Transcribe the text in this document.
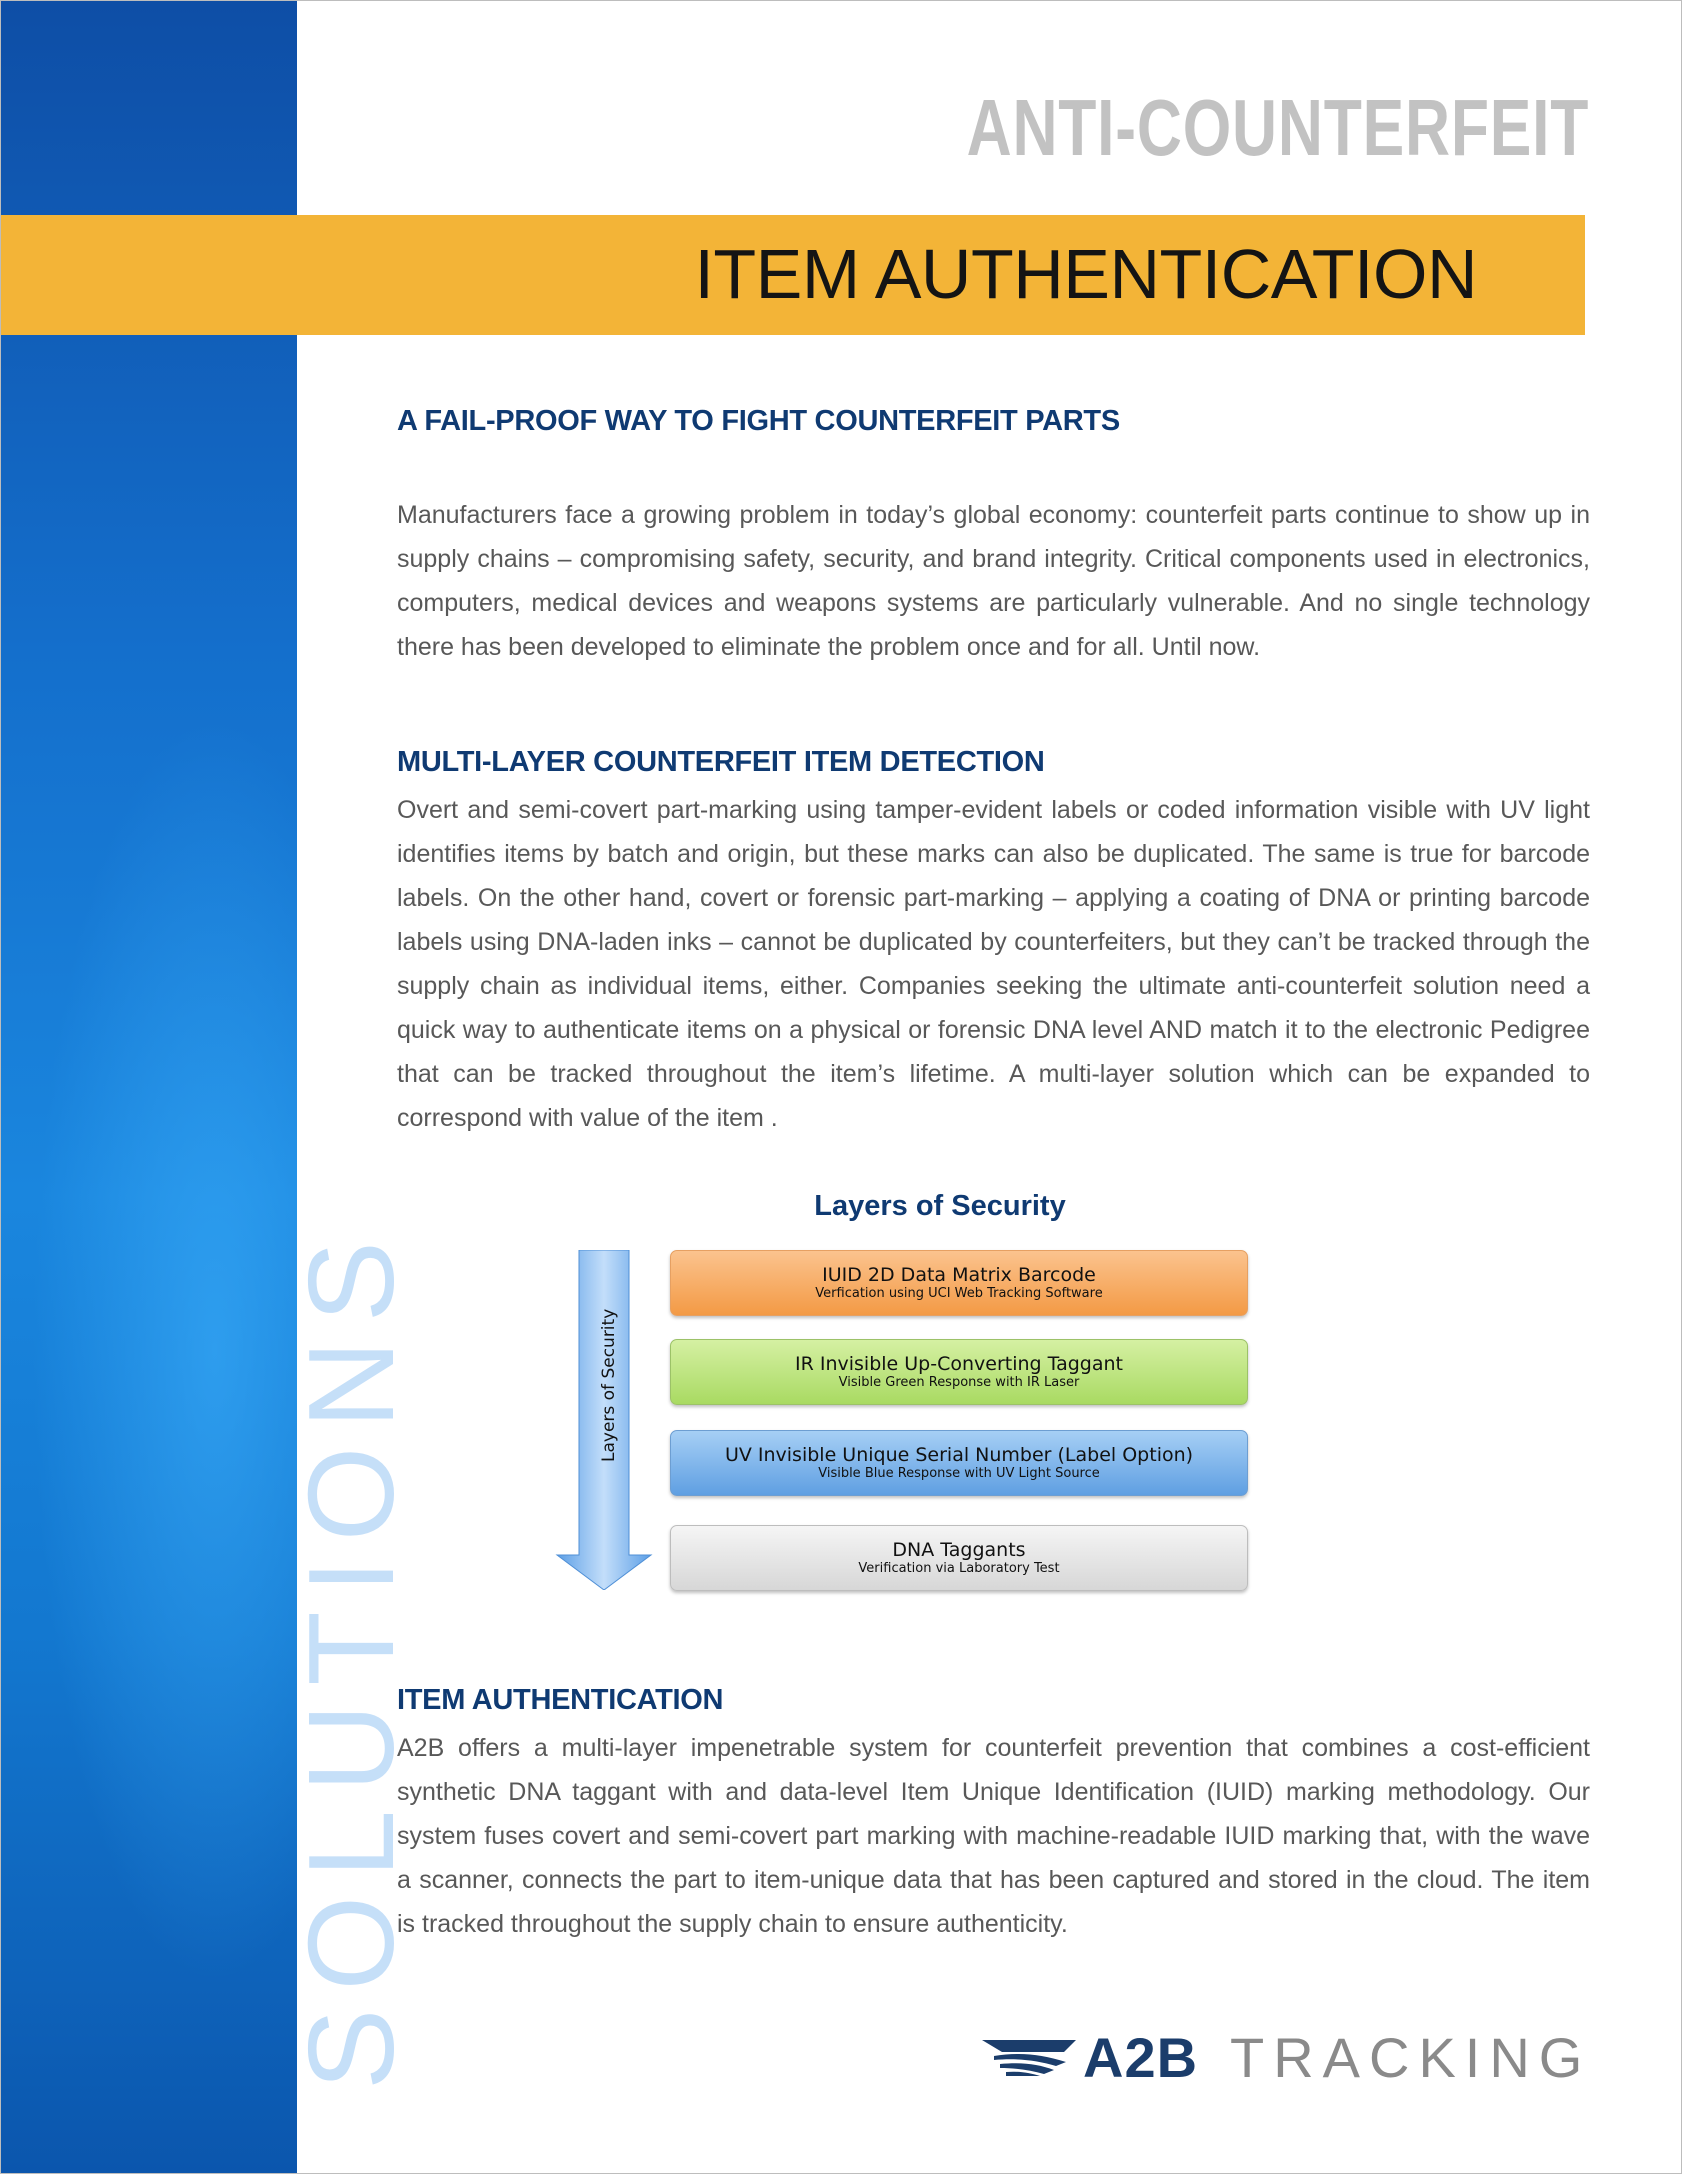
SOLUTIONS
ANTI-COUNTERFEIT
ITEM AUTHENTICATION
A FAIL-PROOF WAY TO FIGHT COUNTERFEIT PARTS

Manufacturers face a growing problem in today’s global economy: counterfeit parts continue to show up in supply chains – compromising safety, security, and brand integrity. Critical components used in electronics, computers, medical devices and weapons systems are particularly vulnerable. And no single technology there has been developed to eliminate the problem once and for all. Until now.

MULTI-LAYER COUNTERFEIT ITEM DETECTION

Overt and semi-covert part-marking using tamper-evident labels or coded information visible with UV light identifies items by batch and origin, but these marks can also be duplicated. The same is true for barcode labels. On the other hand, covert or forensic part-marking – applying a coating of DNA or printing barcode labels using DNA-laden inks – cannot be duplicated by counterfeiters, but they can’t be tracked through the supply chain as individual items, either. Companies seeking the ultimate anti-counterfeit solution need a quick way to authenticate items on a physical or forensic DNA level AND match it to the electronic Pedigree that can be tracked throughout the item’s lifetime. A multi-layer solution which can be expanded to correspond with value of the item .

Layers of Security
Layers of Security
IUID 2D Data Matrix Barcode
Verfication using UCI Web Tracking Software
IR Invisible Up-Converting Taggant
Visible Green Response with IR Laser
UV Invisible Unique Serial Number (Label Option)
Visible Blue Response with UV Light Source
DNA Taggants
Verification via Laboratory Test
ITEM AUTHENTICATION

A2B offers a multi-layer impenetrable system for counterfeit prevention that combines a cost-efficient synthetic DNA taggant with and data-level Item Unique Identification (IUID) marking methodology. Our system fuses covert and semi-covert part marking with machine-readable IUID marking that, with the wave a scanner, connects the part to item-unique data that has been captured and stored in the cloud. The item is tracked throughout the supply chain to ensure authenticity.

A2B TRACKING
